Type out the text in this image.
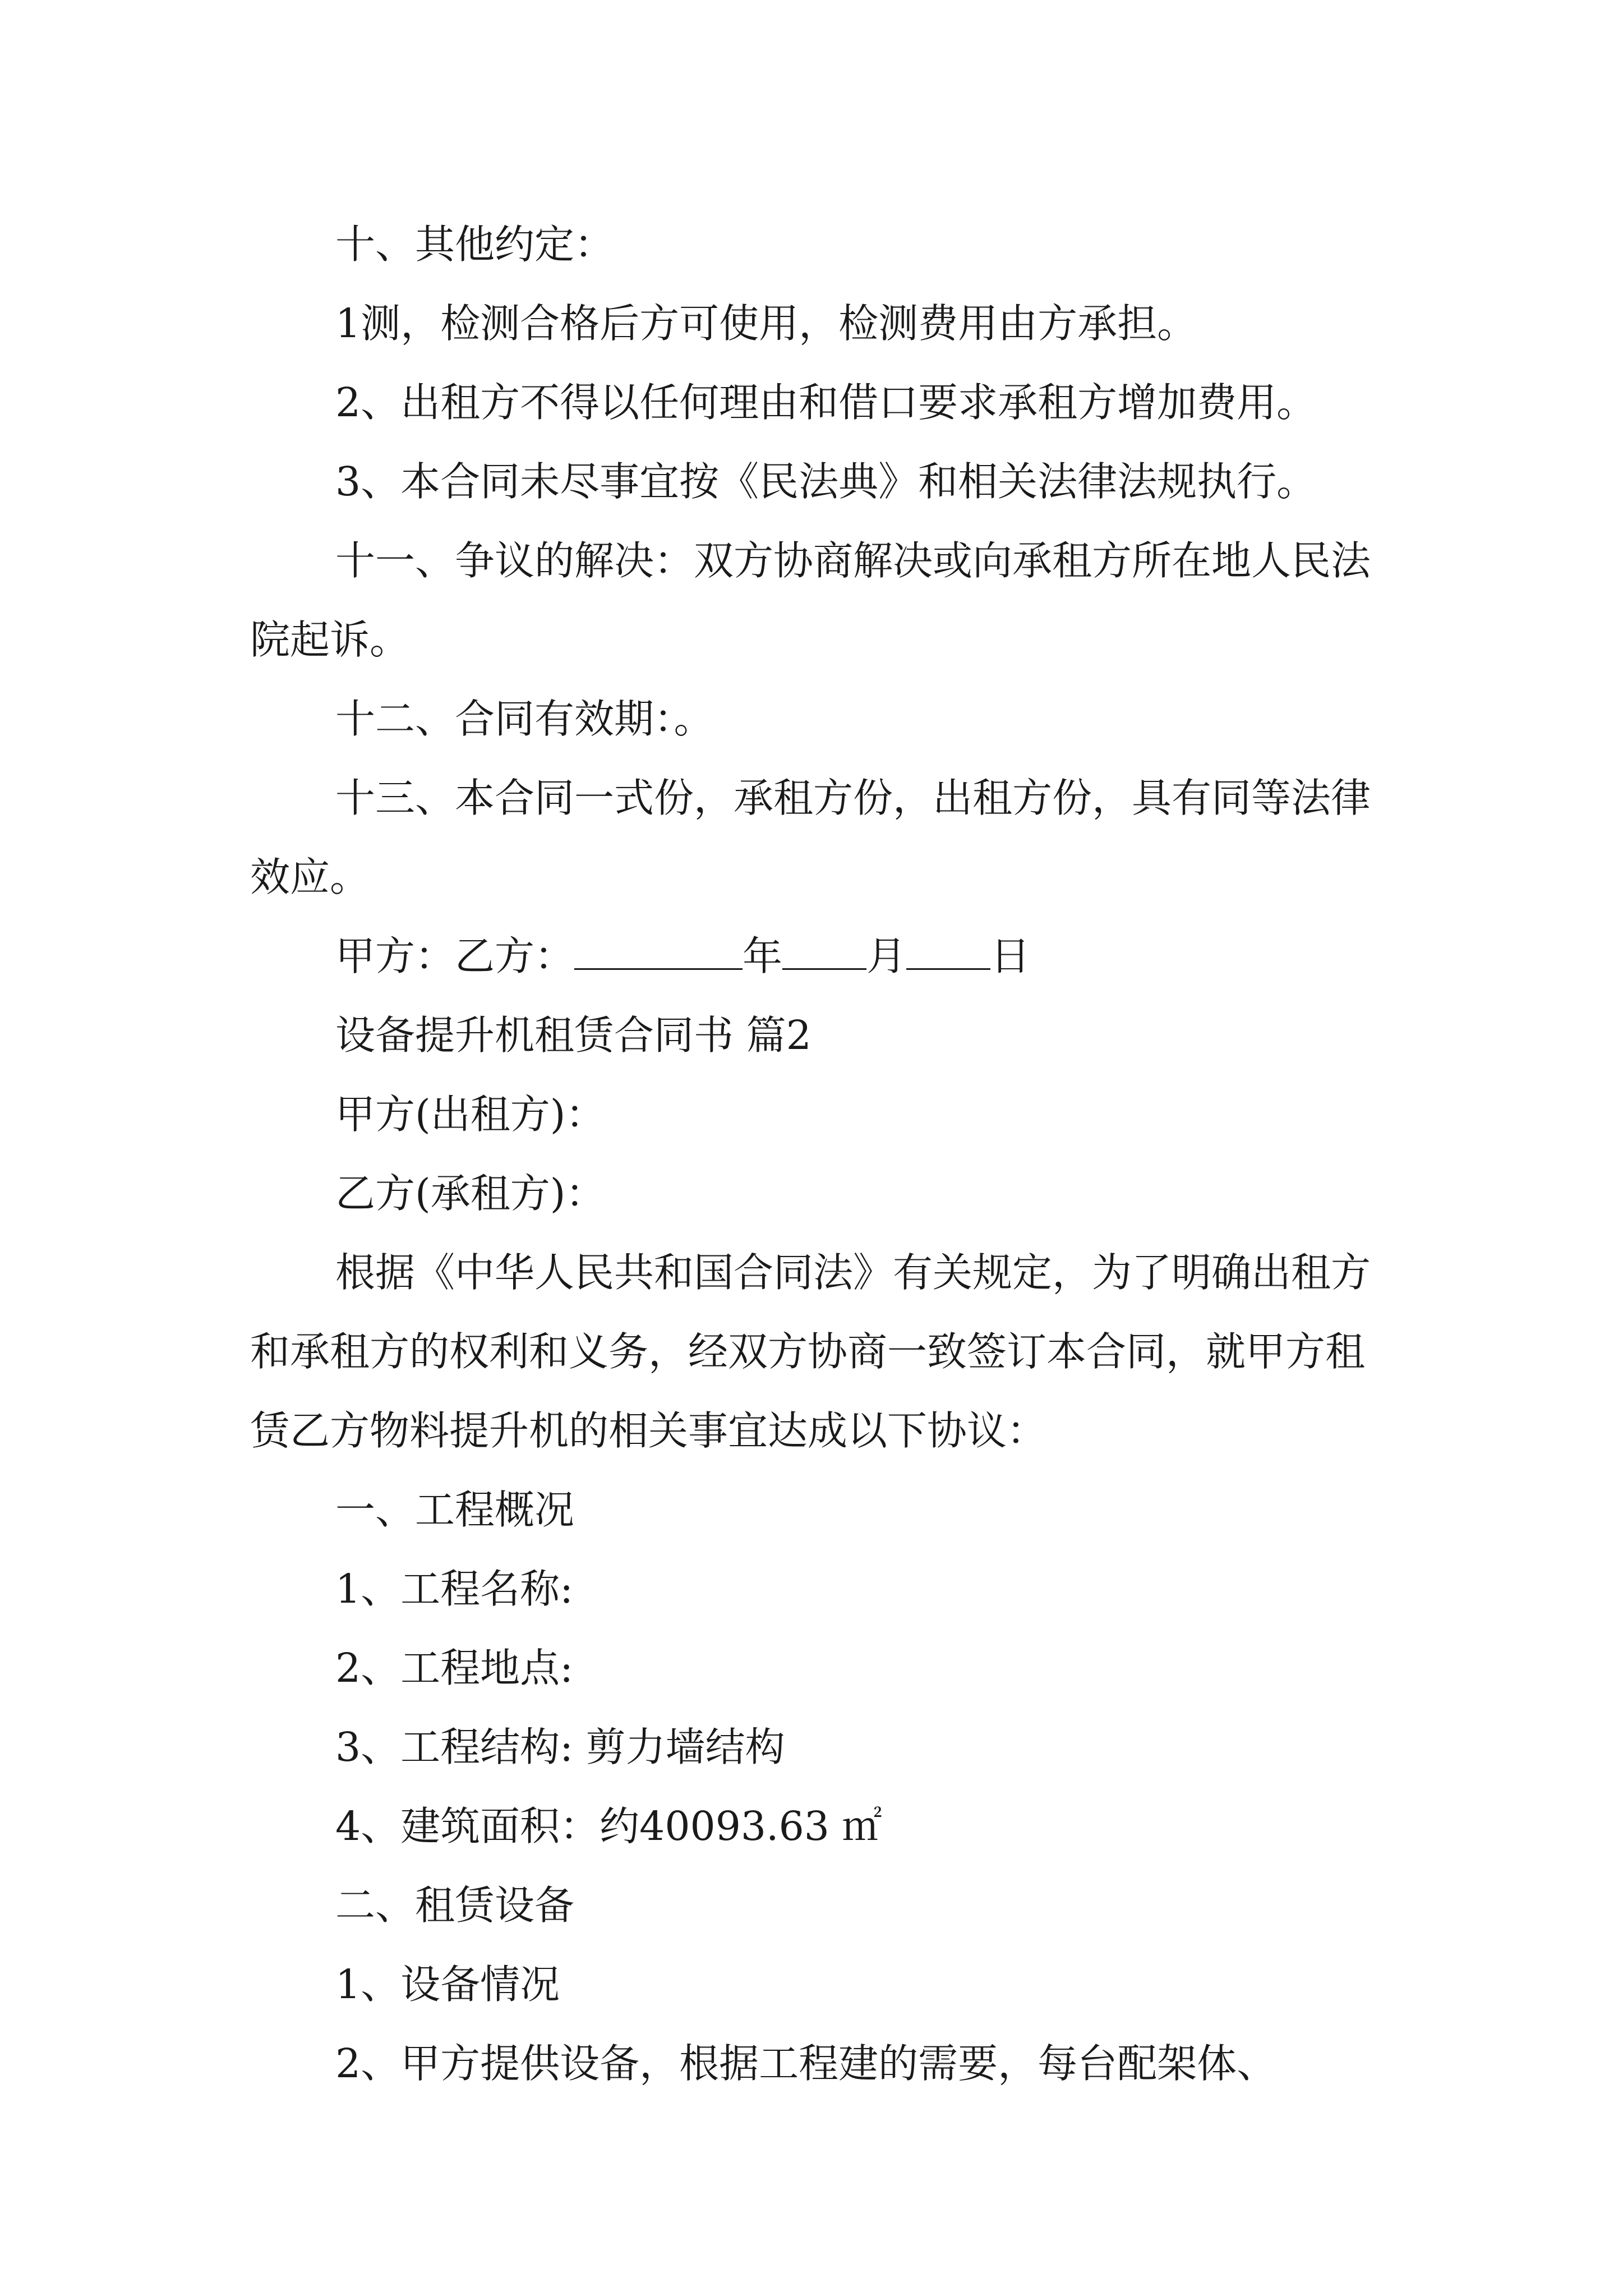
十、其他约定：

1测，检测合格后方可使用，检测费用由方承担。

2、出租方不得以任何理由和借口要求承租方增加费用。

3、本合同未尽事宜按《民法典》和相关法律法规执行。

十一、争议的解决：双方协商解决或向承租方所在地人民法院起诉。

十二、合同有效期：。

十三、本合同一式份，承租方份，出租方份，具有同等法律效应。

甲方：乙方：	年 月 日

设备提升机租赁合同书 篇2

甲方(出租方)：

乙方(承租方)：

根据《中华人民共和国合同法》有关规定，为了明确出租方和承租方的权利和义务，经双方协商一致签订本合同，就甲方租赁乙方物料提升机的相关事宜达成以下协议：

一、工程概况

1、工程名称:

2、工程地点:

3、工程结构: 剪力墙结构

4、建筑面积：约40093.63 ㎡

二、租赁设备

1、设备情况

2、甲方提供设备，根据工程建的需要，每台配架体、
